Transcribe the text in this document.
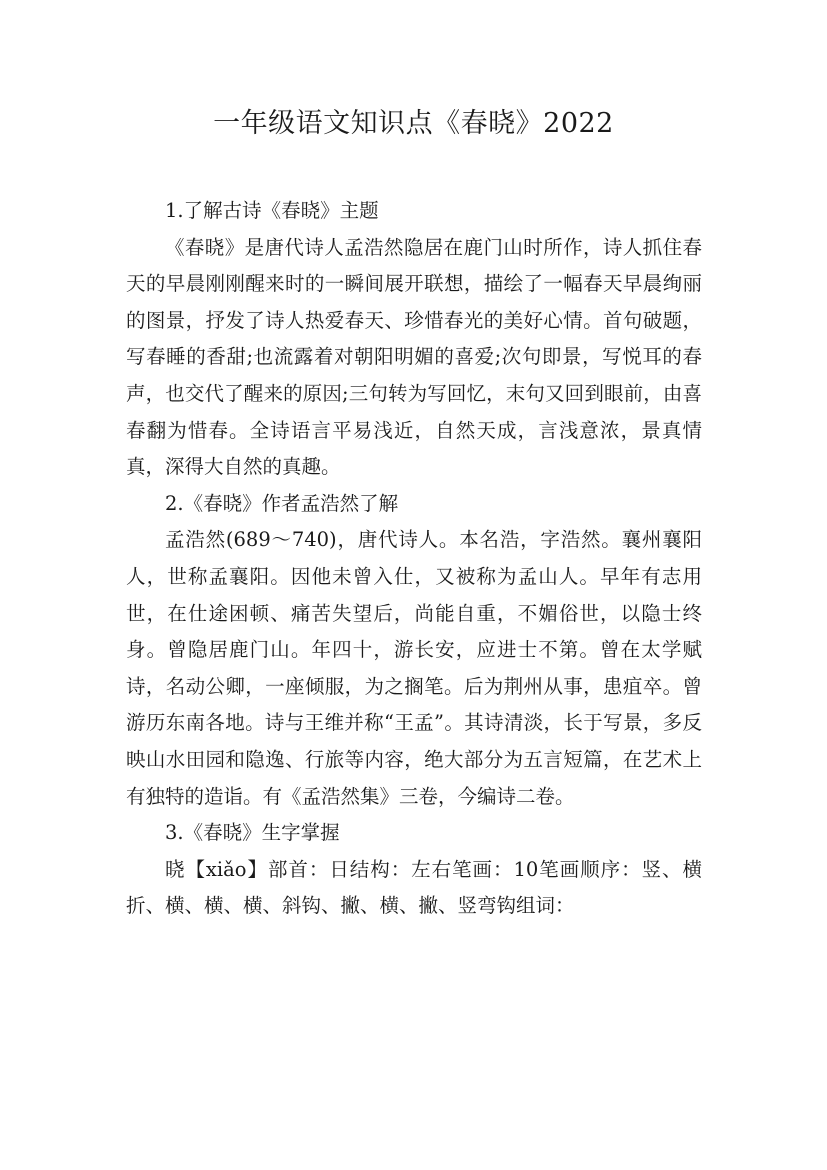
一年级语文知识点《春晓》2022

1.了解古诗《春晓》主题

《春晓》是唐代诗人孟浩然隐居在鹿门山时所作，诗人抓住春天的早晨刚刚醒来时的一瞬间展开联想，描绘了一幅春天早晨绚丽的图景，抒发了诗人热爱春天、珍惜春光的美好心情。首句破题，写春睡的香甜;也流露着对朝阳明媚的喜爱;次句即景，写悦耳的春声，也交代了醒来的原因;三句转为写回忆，末句又回到眼前，由喜春翻为惜春。全诗语言平易浅近，自然天成，言浅意浓，景真情真，深得大自然的真趣。

2.《春晓》作者孟浩然了解

孟浩然(689～740)，唐代诗人。本名浩，字浩然。襄州襄阳人，世称孟襄阳。因他未曾入仕，又被称为孟山人。早年有志用世，在仕途困顿、痛苦失望后，尚能自重，不媚俗世，以隐士终身。曾隐居鹿门山。年四十，游长安，应进士不第。曾在太学赋诗，名动公卿，一座倾服，为之搁笔。后为荆州从事，患疽卒。曾游历东南各地。诗与王维并称“王孟”。其诗清淡，长于写景，多反映山水田园和隐逸、行旅等内容，绝大部分为五言短篇，在艺术上有独特的造诣。有《孟浩然集》三卷，今编诗二卷。

3.《春晓》生字掌握

晓【xiǎo】部首：日结构：左右笔画：10笔画顺序：竖、横折、横、横、横、斜钩、撇、横、撇、竖弯钩组词：
